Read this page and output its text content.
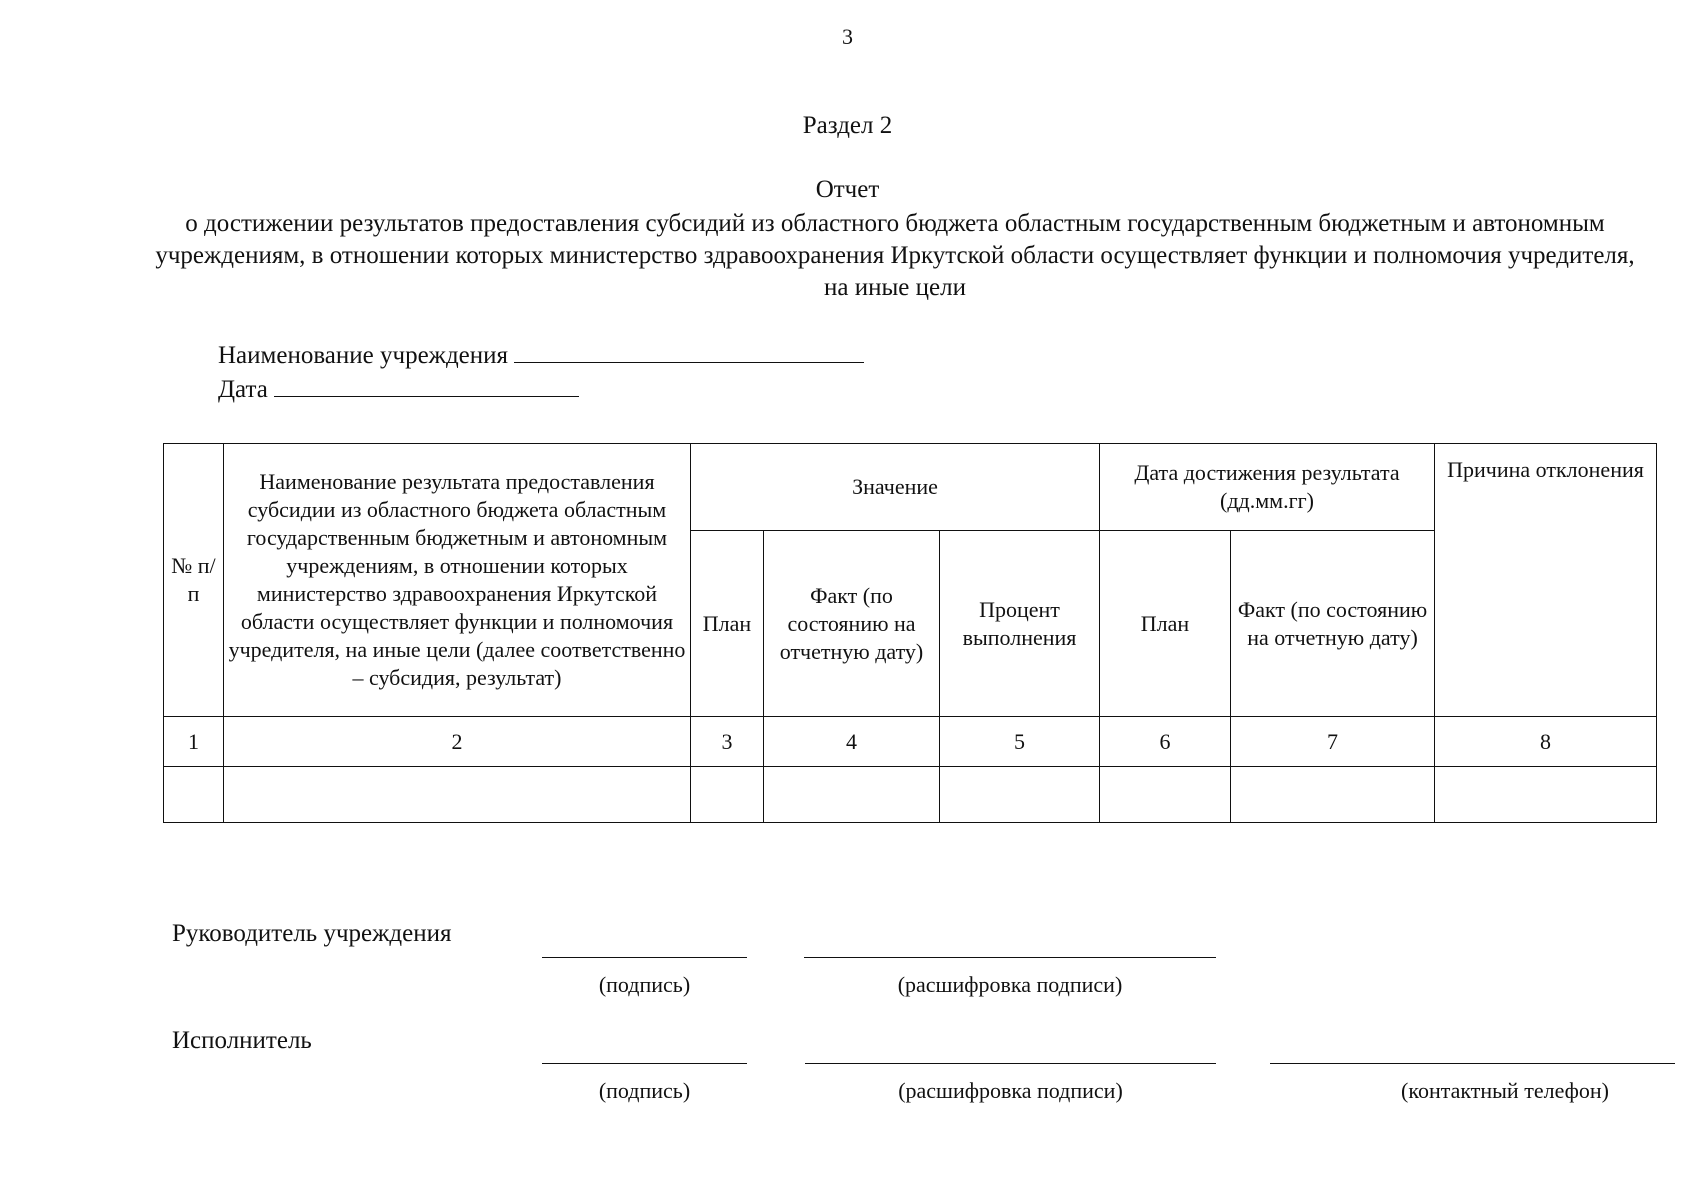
3
Раздел 2
Отчет
о достижении результатов предоставления субсидий из областного бюджета областным государственным бюджетным и автономным учреждениям, в отношении которых министерство здравоохранения Иркутской области осуществляет функции и полномочия учредителя, на иные цели
Наименование учреждения
Дата
№ п/п	Наименование результата предоставления субсидии из областного бюджета областным государственным бюджетным и автономным учреждениям, в отношении которых министерство здравоохранения Иркутской области осуществляет функции и полномочия учредителя, на иные цели (далее соответственно – субсидия, результат)	Значение			Дата достижения результата (дд.мм.гг)		Причина отклонения
		План	Факт (по состоянию на отчетную дату)	Процент выполнения	План	Факт (по состоянию на отчетную дату)	
1	2	3	4	5	6	7	8

Руководитель учреждения
(подпись)	(расшифровка подписи)
Исполнитель
(подпись)	(расшифровка подписи)	(контактный телефон)
